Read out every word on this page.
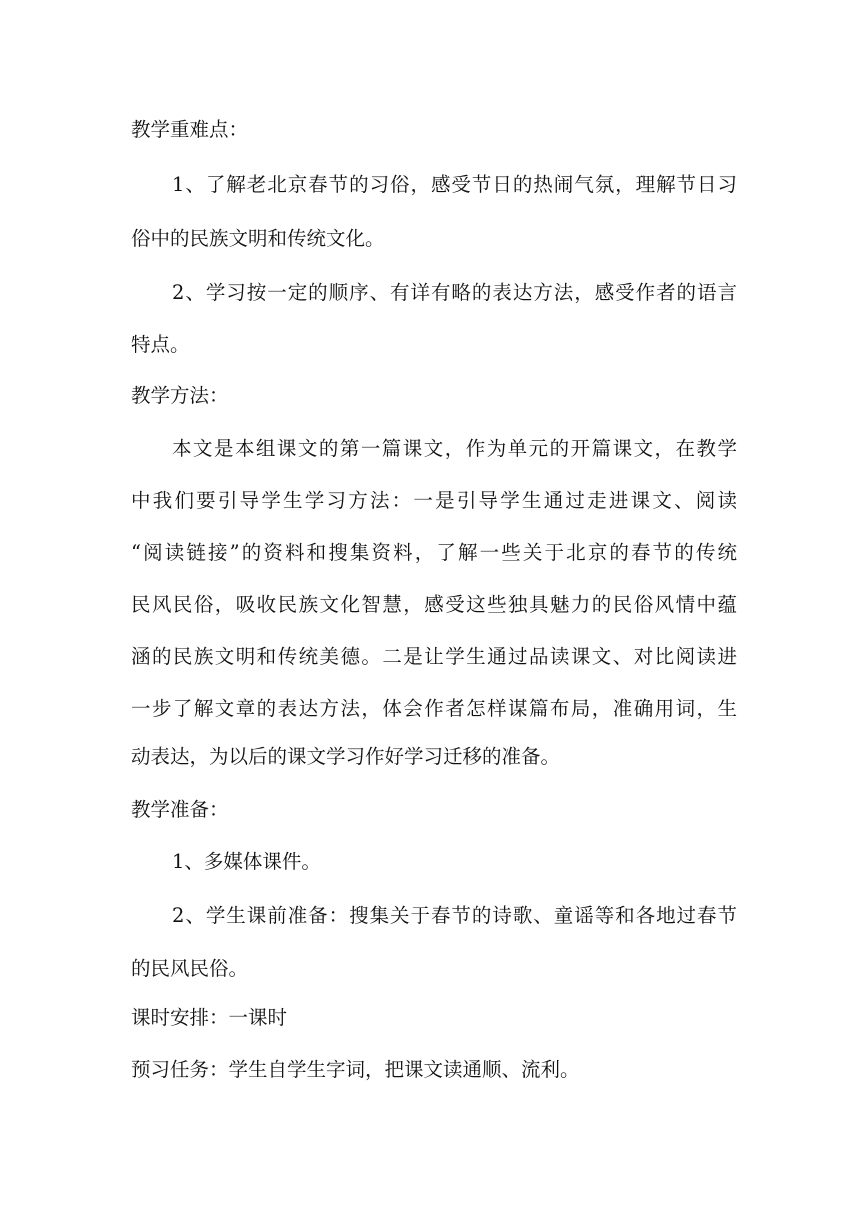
教学重难点：
1、了解老北京春节的习俗，感受节日的热闹气氛，理解节日习
俗中的民族文明和传统文化。
2、学习按一定的顺序、有详有略的表达方法，感受作者的语言
特点。
教学方法：
本文是本组课文的第一篇课文，作为单元的开篇课文，在教学
中我们要引导学生学习方法：一是引导学生通过走进课文、阅读
“阅读链接”的资料和搜集资料，了解一些关于北京的春节的传统
民风民俗，吸收民族文化智慧，感受这些独具魅力的民俗风情中蕴
涵的民族文明和传统美德。二是让学生通过品读课文、对比阅读进
一步了解文章的表达方法，体会作者怎样谋篇布局，准确用词，生
动表达，为以后的课文学习作好学习迁移的准备。
教学准备：
1、多媒体课件。
2、学生课前准备：搜集关于春节的诗歌、童谣等和各地过春节
的民风民俗。
课时安排：一课时
预习任务：学生自学生字词，把课文读通顺、流利。
